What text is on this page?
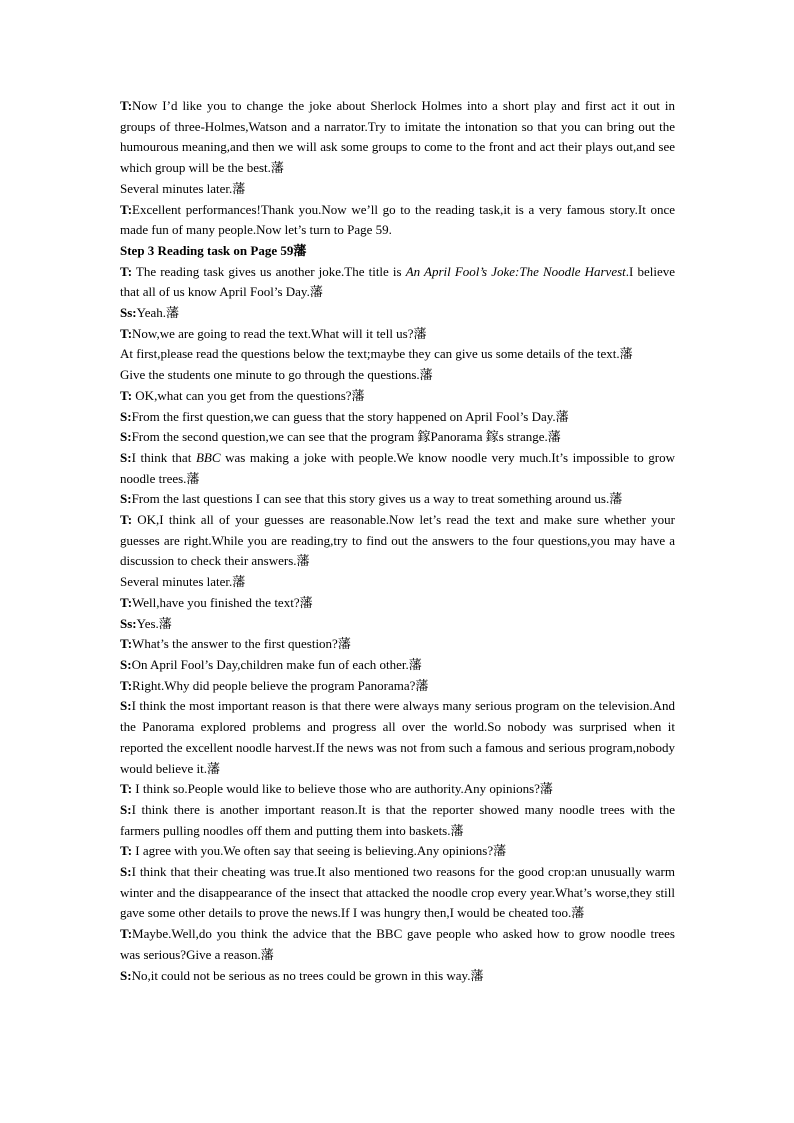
T:Now I’d like you to change the joke about Sherlock Holmes into a short play and first act it out in groups of three-Holmes,Watson and a narrator.Try to imitate the intonation so that you can bring out the humourous meaning,and then we will ask some groups to come to the front and act their plays out,and see which group will be the best.藩

Several minutes later.藩

T:Excellent performances!Thank you.Now we’ll go to the reading task,it is a very famous story.It once made fun of many people.Now let’s turn to Page 59.

Step 3 Reading task on Page 59藩

T: The reading task gives us another joke.The title is An April Fool’s Joke:The Noodle Harvest.I believe that all of us know April Fool’s Day.藩

Ss:Yeah.藩

T:Now,we are going to read the text.What will it tell us?藩

At first,please read the questions below the text;maybe they can give us some details of the text.藩

Give the students one minute to go through the questions.藩

T: OK,what can you get from the questions?藩

S:From the first question,we can guess that the story happened on April Fool’s Day.藩

S:From the second question,we can see that the program 鎵Panorama 鎵s strange.藩

S:I think that BBC was making a joke with people.We know noodle very much.It’s impossible to grow noodle trees.藩

S:From the last questions I can see that this story gives us a way to treat something around us.藩

T: OK,I think all of your guesses are reasonable.Now let’s read the text and make sure whether your guesses are right.While you are reading,try to find out the answers to the four questions,you may have a discussion to check their answers.藩

Several minutes later.藩

T:Well,have you finished the text?藩

Ss:Yes.藩

T:What’s the answer to the first question?藩

S:On April Fool’s Day,children make fun of each other.藩

T:Right.Why did people believe the program Panorama?藩

S:I think the most important reason is that there were always many serious program on the television.And the Panorama explored problems and progress all over the world.So nobody was surprised when it reported the excellent noodle harvest.If the news was not from such a famous and serious program,nobody would believe it.藩

T: I think so.People would like to believe those who are authority.Any opinions?藩

S:I think there is another important reason.It is that the reporter showed many noodle trees with the farmers pulling noodles off them and putting them into baskets.藩

T: I agree with you.We often say that seeing is believing.Any opinions?藩

S:I think that their cheating was true.It also mentioned two reasons for the good crop:an unusually warm winter and the disappearance of the insect that attacked the noodle crop every year.What’s worse,they still gave some other details to prove the news.If I was hungry then,I would be cheated too.藩

T:Maybe.Well,do you think the advice that the BBC gave people who asked how to grow noodle trees was serious?Give a reason.藩

S:No,it could not be serious as no trees could be grown in this way.藩
